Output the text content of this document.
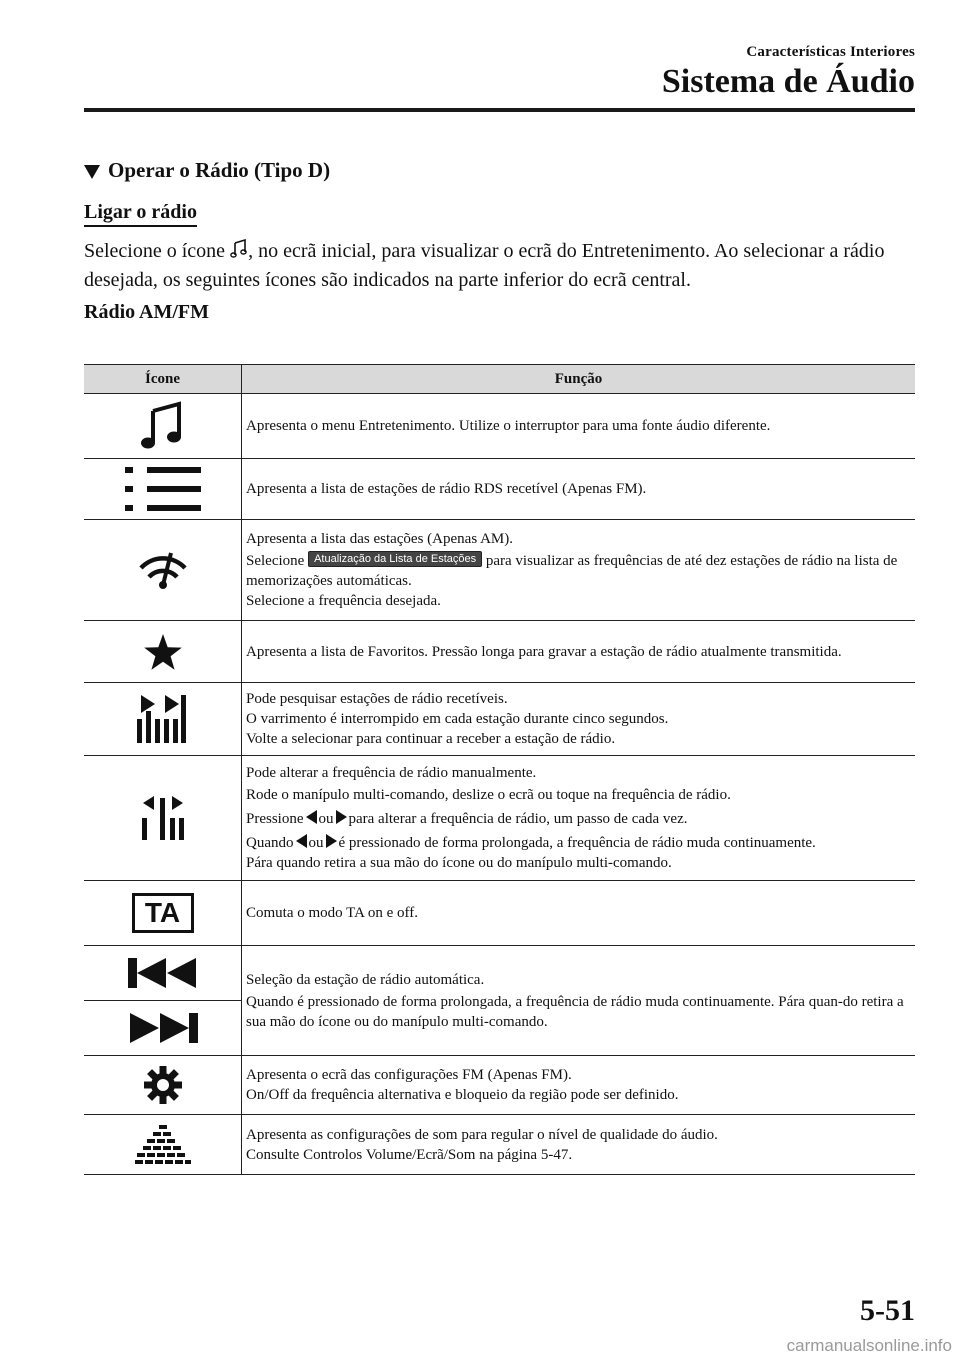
Características Interiores
Sistema de Áudio
Operar o Rádio (Tipo D)
Ligar o rádio
Selecione o ícone , no ecrã inicial, para visualizar o ecrã do Entretenimento. Ao selecionar a rádio desejada, os seguintes ícones são indicados na parte inferior do ecrã central.
Rádio AM/FM
Ícone	Função

Apresenta o menu Entretenimento. Utilize o interruptor para uma fonte áudio diferente.

Apresenta a lista de estações de rádio RDS recetível (Apenas FM).

Apresenta a lista das estações (Apenas AM).
Selecione Atualização da Lista de Estações para visualizar as frequências de até dez estações de rádio na lista de memorizações automáticas.
Selecione a frequência desejada.

Apresenta a lista de Favoritos. Pressão longa para gravar a estação de rádio atualmente transmitida.

Pode pesquisar estações de rádio recetíveis.
O varrimento é interrompido em cada estação durante cinco segundos.
Volte a selecionar para continuar a receber a estação de rádio.

Pode alterar a frequência de rádio manualmente.
Rode o manípulo multi-comando, deslize o ecrã ou toque na frequência de rádio.
Pressione ou para alterar a frequência de rádio, um passo de cada vez.
Quando ou é pressionado de forma prolongada, a frequência de rádio muda continuamente.
Pára quando retira a sua mão do ícone ou do manípulo multi-comando.

TA	Comuta o modo TA on e off.

Seleção da estação de rádio automática.
Quando é pressionado de forma prolongada, a frequência de rádio muda continuamente. Pára quan-do retira a sua mão do ícone ou do manípulo multi-comando.

Apresenta o ecrã das configurações FM (Apenas FM).
On/Off da frequência alternativa e bloqueio da região pode ser definido.

Apresenta as configurações de som para regular o nível de qualidade do áudio.
Consulte Controlos Volume/Ecrã/Som na página 5-47.
5-51
carmanualsonline.info
